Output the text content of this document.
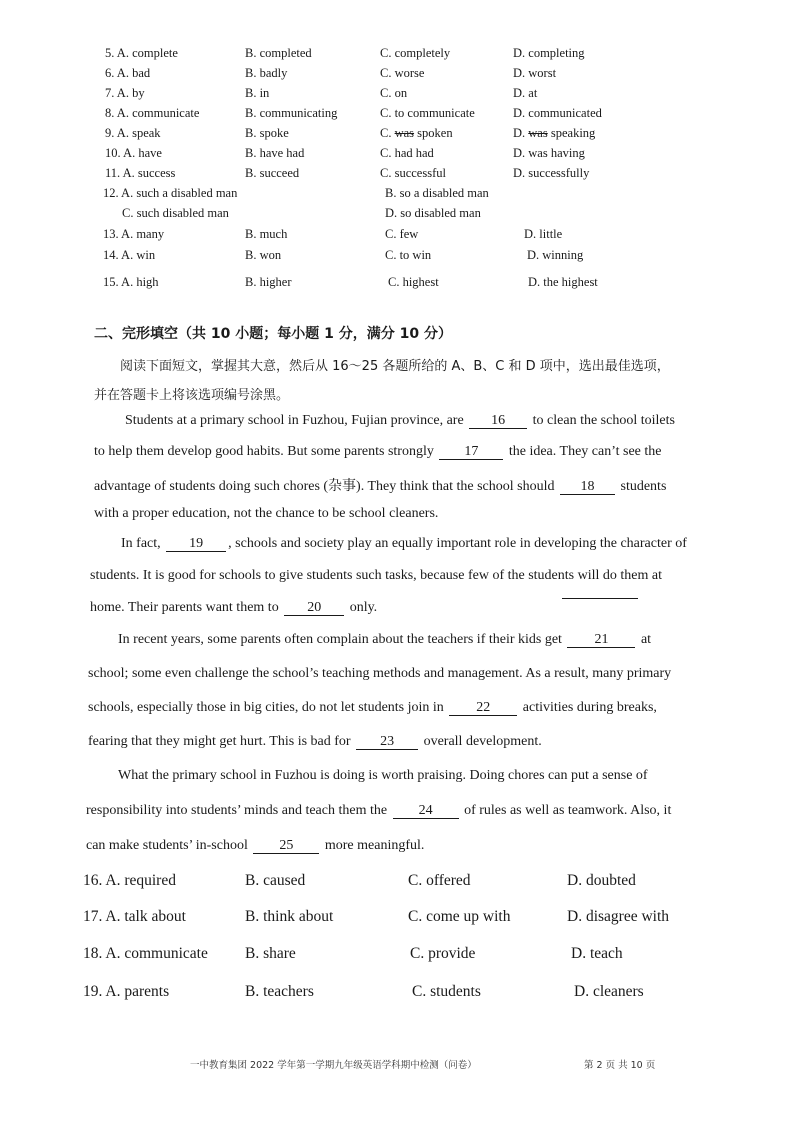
5. A. complete	B. completed	C. completely	D. completing
6. A. bad	B. badly	C. worse	D. worst
7. A. by	B. in	C. on	D. at
8. A. communicate	B. communicating	C. to communicate	D. communicated
9. A. speak	B. spoke	C. was spoken	D. was speaking
10. A. have	B. have had	C. had had	D. was having
11. A. success	B. succeed	C. successful	D. successfully
12. A. such a disabled man	B. so a disabled man
C. such disabled man	D. so disabled man
13. A. many	B. much	C. few	D. little
14. A. win	B. won	C. to win	D. winning
15. A. high	B. higher	C. highest	D. the highest
二、完形填空（共 10 小题；每小题 1 分，满分 10 分）
阅读下面短文，掌握其大意，然后从 16～25 各题所给的 A、B、C 和 D 项中，选出最佳选项，
并在答题卡上将该选项编号涂黑。
Students at a primary school in Fuzhou, Fujian province, are 16 to clean the school toilets
to help them develop good habits. But some parents strongly 17 the idea. They can’t see the
advantage of students doing such chores (杂事). They think that the school should 18 students
with a proper education, not the chance to be school cleaners.
In fact, 19 , schools and society play an equally important role in developing the character of
students. It is good for schools to give students such tasks, because few of the students will do them at
home. Their parents want them to 20 only.
In recent years, some parents often complain about the teachers if their kids get 21 at
school; some even challenge the school’s teaching methods and management. As a result, many primary
schools, especially those in big cities, do not let students join in 22 activities during breaks,
fearing that they might get hurt. This is bad for 23 overall development.
What the primary school in Fuzhou is doing is worth praising. Doing chores can put a sense of
responsibility into students’ minds and teach them the 24 of rules as well as teamwork. Also, it
can make students’ in-school 25 more meaningful.
16. A. required	B. caused	C. offered	D. doubted
17. A. talk about	B. think about	C. come up with	D. disagree with
18. A. communicate B. share	C. provide	D. teach
19. A. parents	B. teachers	C. students	D. cleaners
一中教育集团 2022 学年第一学期九年级英语学科期中检测（问卷）	第 2 页 共 10 页
